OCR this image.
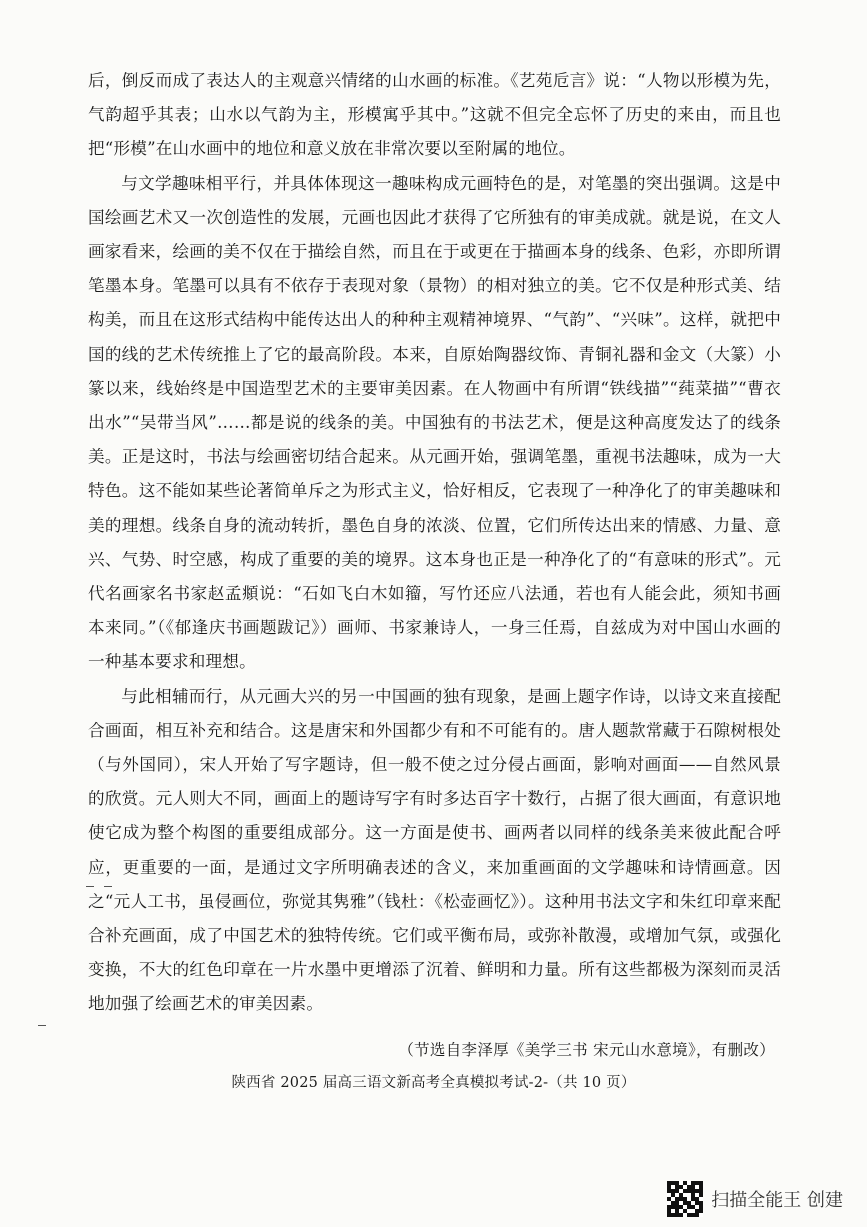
后，倒反而成了表达人的主观意兴情绪的山水画的标准。《艺苑卮言》说：“人物以形模为先，气韵超乎其表；山水以气韵为主，形模寓乎其中。”这就不但完全忘怀了历史的来由，而且也把“形模”在山水画中的地位和意义放在非常次要以至附属的地位。

与文学趣味相平行，并具体体现这一趣味构成元画特色的是，对笔墨的突出强调。这是中国绘画艺术又一次创造性的发展，元画也因此才获得了它所独有的审美成就。就是说，在文人画家看来，绘画的美不仅在于描绘自然，而且在于或更在于描画本身的线条、色彩，亦即所谓笔墨本身。笔墨可以具有不依存于表现对象（景物）的相对独立的美。它不仅是种形式美、结构美，而且在这形式结构中能传达出人的种种主观精神境界、“气韵”、“兴味”。这样，就把中国的线的艺术传统推上了它的最高阶段。本来，自原始陶器纹饰、青铜礼器和金文（大篆）小篆以来，线始终是中国造型艺术的主要审美因素。在人物画中有所谓“铁线描”“莼菜描”“曹衣出水”“吴带当风”……都是说的线条的美。中国独有的书法艺术，便是这种高度发达了的线条美。正是这时，书法与绘画密切结合起来。从元画开始，强调笔墨，重视书法趣味，成为一大特色。这不能如某些论著简单斥之为形式主义，恰好相反，它表现了一种净化了的审美趣味和美的理想。线条自身的流动转折，墨色自身的浓淡、位置，它们所传达出来的情感、力量、意兴、气势、时空感，构成了重要的美的境界。这本身也正是一种净化了的“有意味的形式”。元代名画家名书家赵孟頫说：“石如飞白木如籀，写竹还应八法通，若也有人能会此，须知书画本来同。”（《郁逢庆书画题跋记》）画师、书家兼诗人，一身三任焉，自兹成为对中国山水画的一种基本要求和理想。

与此相辅而行，从元画大兴的另一中国画的独有现象，是画上题字作诗，以诗文来直接配合画面，相互补充和结合。这是唐宋和外国都少有和不可能有的。唐人题款常藏于石隙树根处（与外国同），宋人开始了写字题诗，但一般不使之过分侵占画面，影响对画面——自然风景的欣赏。元人则大不同，画面上的题诗写字有时多达百字十数行，占据了很大画面，有意识地使它成为整个构图的重要组成部分。这一方面是使书、画两者以同样的线条美来彼此配合呼应，更重要的一面，是通过文字所明确表述的含义，来加重画面的文学趣味和诗情画意。因之“元人工书，虽侵画位，弥觉其隽雅”（钱杜：《松壶画忆》）。这种用书法文字和朱红印章来配合补充画面，成了中国艺术的独特传统。它们或平衡布局，或弥补散漫，或增加气氛，或强化变换，不大的红色印章在一片水墨中更增添了沉着、鲜明和力量。所有这些都极为深刻而灵活地加强了绘画艺术的审美因素。

（节选自李泽厚《美学三书 宋元山水意境》，有删改）
陕西省 2025 届高三语文新高考全真模拟考试-2-（共 10 页）
扫描全能王 创建
